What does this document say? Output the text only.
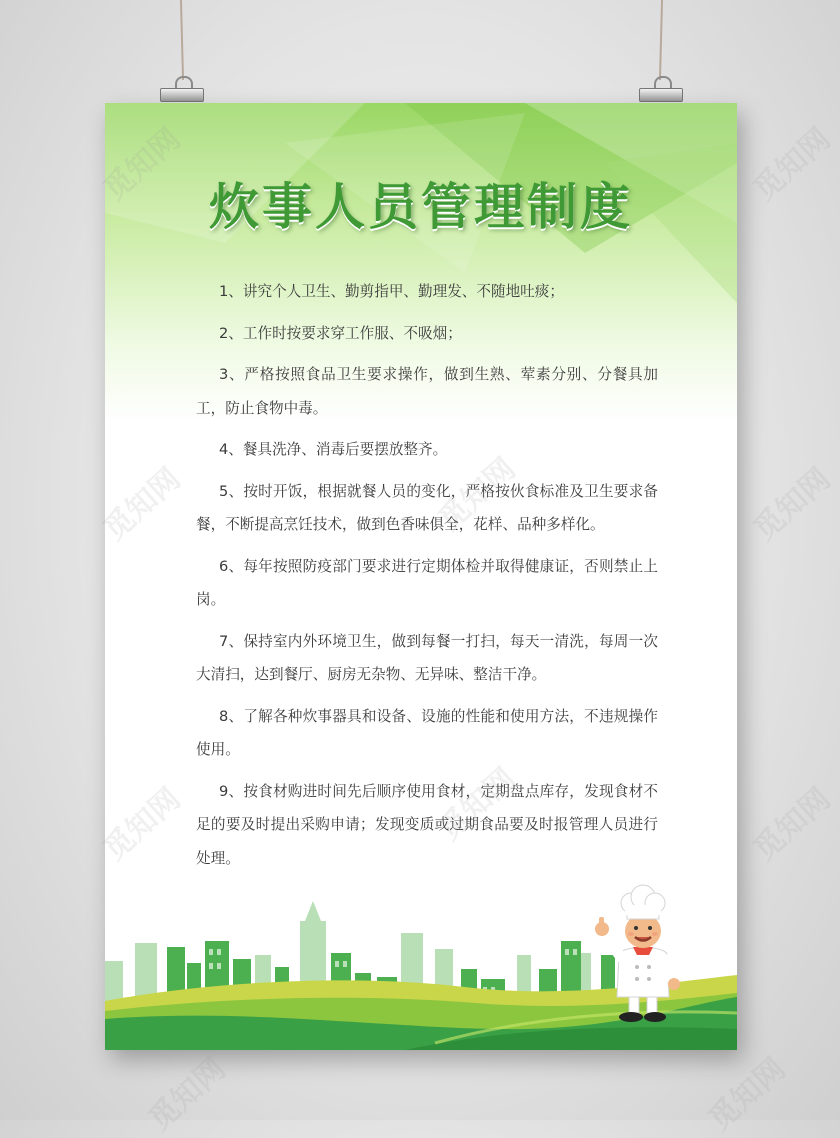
炊事人员管理制度

1、讲究个人卫生、勤剪指甲、勤理发、不随地吐痰；

2、工作时按要求穿工作服、不吸烟；

3、严格按照食品卫生要求操作，做到生熟、荤素分别、分餐具加工，防止食物中毒。

4、餐具洗净、消毒后要摆放整齐。

5、按时开饭，根据就餐人员的变化，严格按伙食标准及卫生要求备餐，不断提高烹饪技术，做到色香味俱全，花样、品种多样化。

6、每年按照防疫部门要求进行定期体检并取得健康证，否则禁止上岗。

7、保持室内外环境卫生，做到每餐一打扫，每天一清洗，每周一次大清扫，达到餐厅、厨房无杂物、无异味、整洁干净。

8、了解各种炊事器具和设备、设施的性能和使用方法，不违规操作使用。

9、按食材购进时间先后顺序使用食材，定期盘点库存，发现食材不足的要及时提出采购申请；发现变质或过期食品要及时报管理人员进行处理。

觅知网
觅知网
觅知网
觅知网	觅知网
